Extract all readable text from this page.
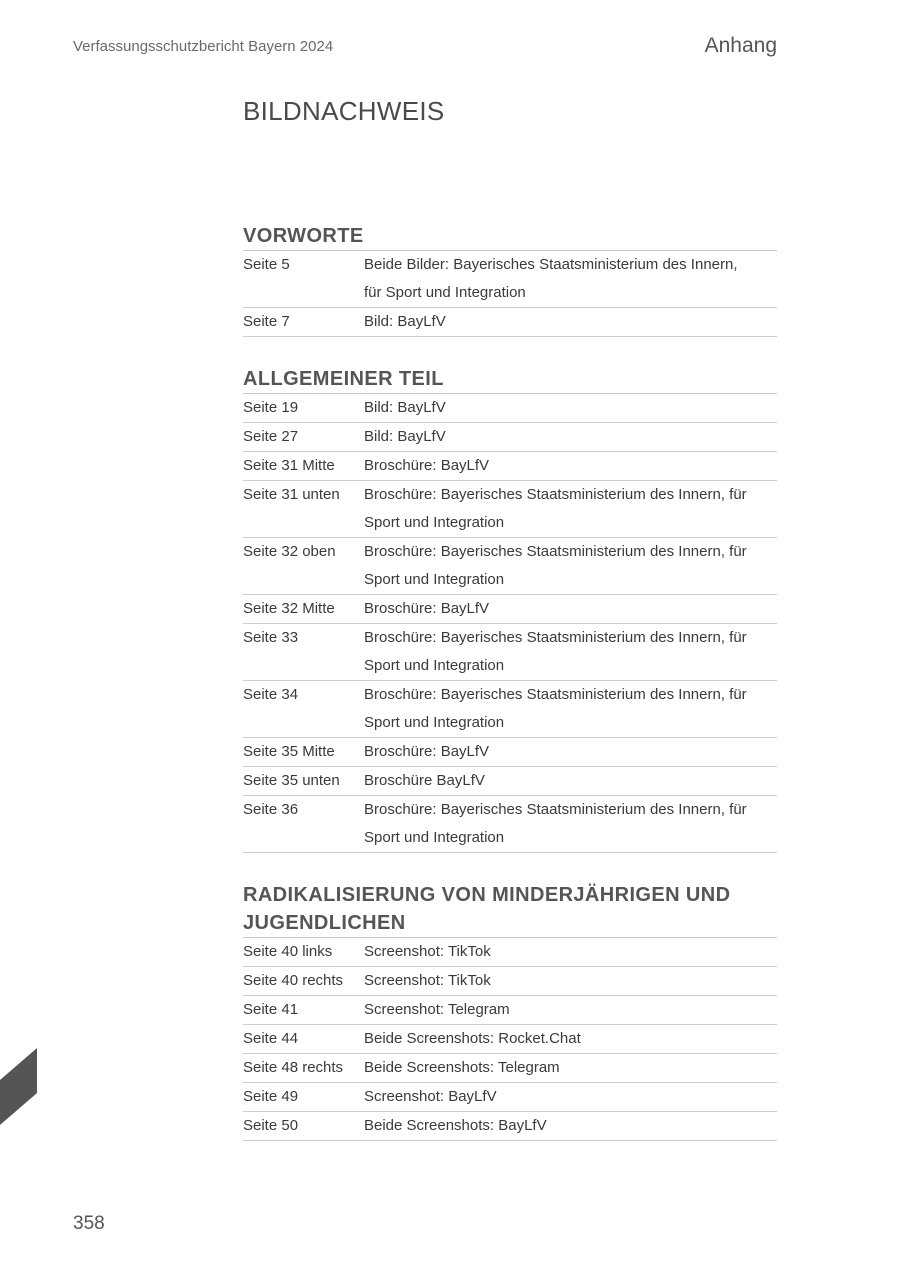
Verfassungsschutzbericht Bayern 2024	Anhang
BILDNACHWEIS
VORWORTE
Seite 5	Beide Bilder: Bayerisches Staatsministerium des Innern, für Sport und Integration
Seite 7	Bild: BayLfV
ALLGEMEINER TEIL
Seite 19	Bild: BayLfV
Seite 27	Bild: BayLfV
Seite 31 Mitte	Broschüre: BayLfV
Seite 31 unten	Broschüre: Bayerisches Staatsministerium des Innern, für Sport und Integration
Seite 32 oben	Broschüre: Bayerisches Staatsministerium des Innern, für Sport und Integration
Seite 32 Mitte	Broschüre: BayLfV
Seite 33	Broschüre: Bayerisches Staatsministerium des Innern, für Sport und Integration
Seite 34	Broschüre: Bayerisches Staatsministerium des Innern, für Sport und Integration
Seite 35 Mitte	Broschüre: BayLfV
Seite 35 unten	Broschüre BayLfV
Seite 36	Broschüre: Bayerisches Staatsministerium des Innern, für Sport und Integration
RADIKALISIERUNG VON MINDERJÄHRIGEN UND JUGENDLICHEN
Seite 40 links	Screenshot: TikTok
Seite 40 rechts	Screenshot: TikTok
Seite 41	Screenshot: Telegram
Seite 44	Beide Screenshots: Rocket.Chat
Seite 48 rechts	Beide Screenshots: Telegram
Seite 49	Screenshot: BayLfV
Seite 50	Beide Screenshots: BayLfV
358
